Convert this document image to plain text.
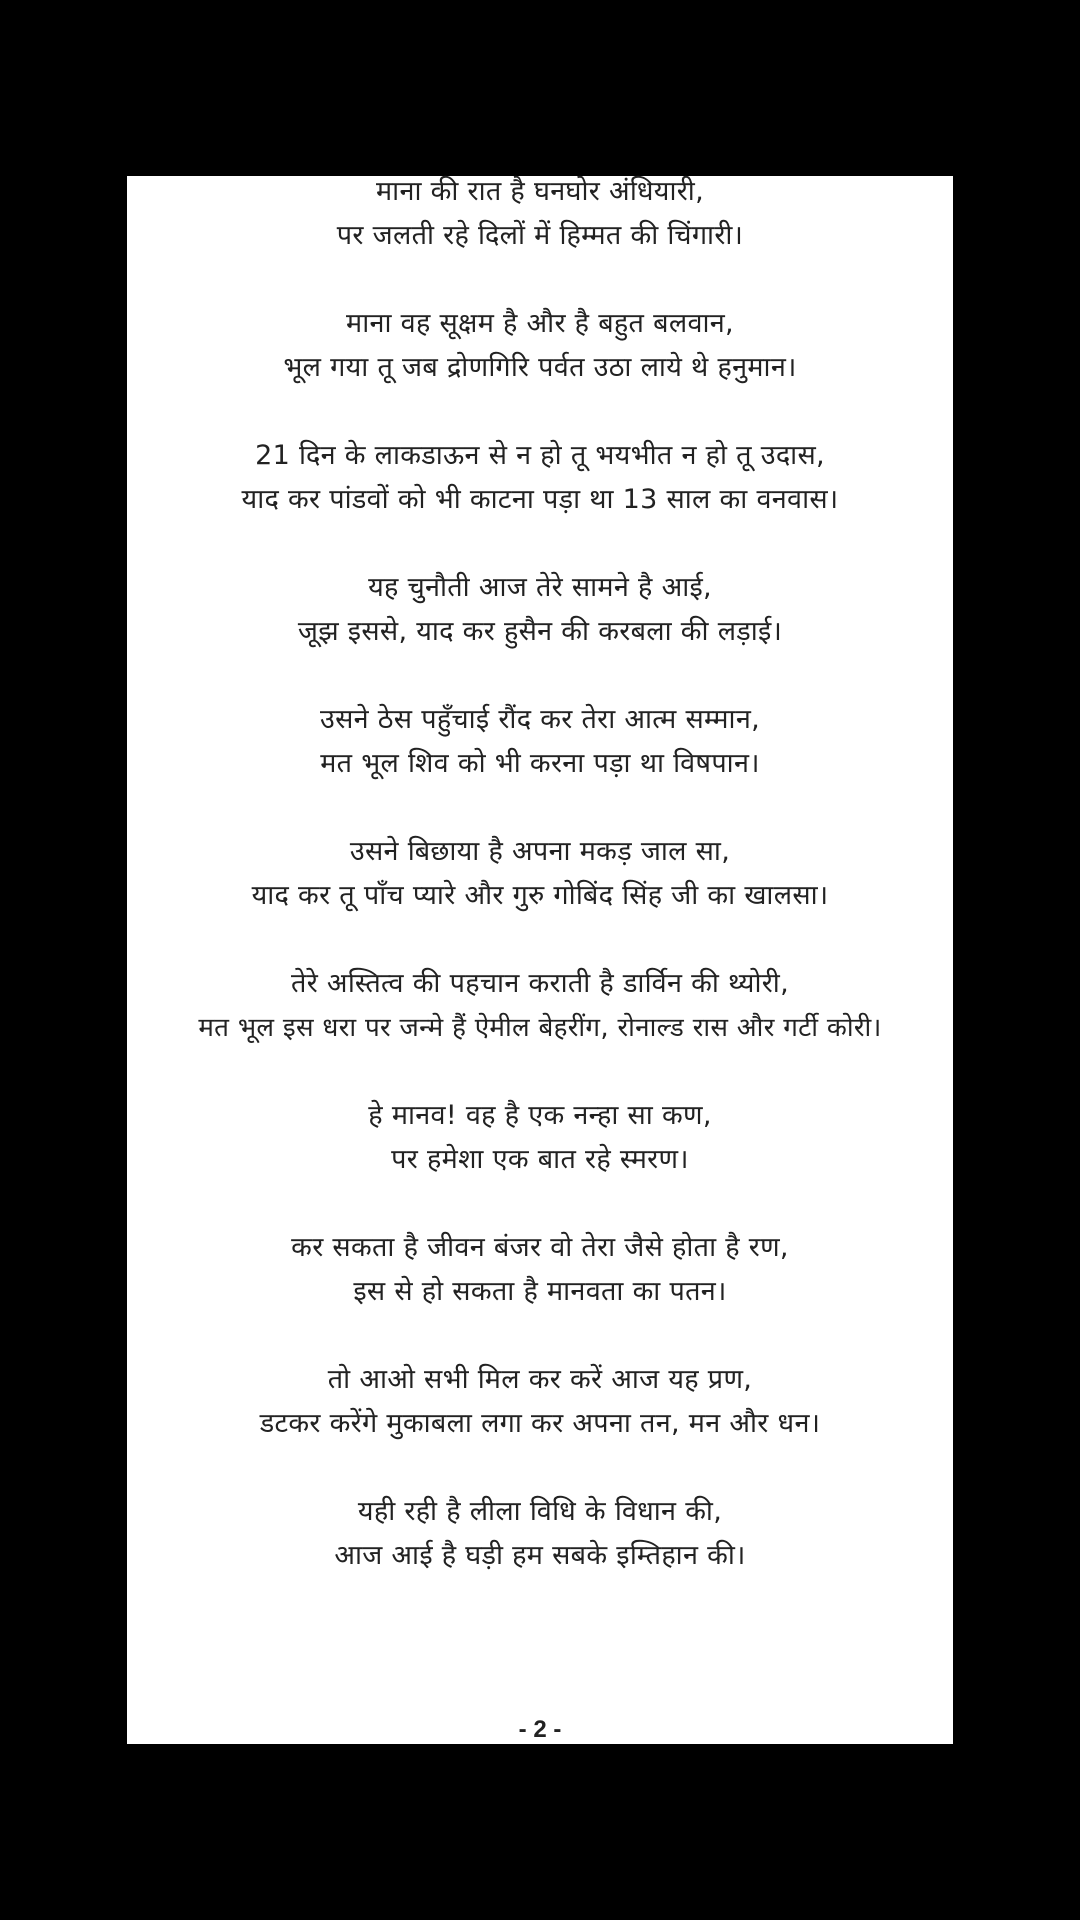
माना की रात है घनघोर अंधियारी,
पर जलती रहे दिलों में हिम्मत की चिंगारी।
माना वह सूक्षम है और है बहुत बलवान,
भूल गया तू जब द्रोणगिरि पर्वत उठा लाये थे हनुमान।
21 दिन के लाकडाऊन से न हो तू भयभीत न हो तू उदास,
याद कर पांडवों को भी काटना पड़ा था 13 साल का वनवास।
यह चुनौती आज तेरे सामने है आई,
जूझ इससे, याद कर हुसैन की करबला की लड़ाई।
उसने ठेस पहुँचाई रौंद कर तेरा आत्म सम्मान,
मत भूल शिव को भी करना पड़ा था विषपान।
उसने बिछाया है अपना मकड़ जाल सा,
याद कर तू पाँच प्यारे और गुरु गोबिंद सिंह जी का खालसा।
तेरे अस्तित्व की पहचान कराती है डार्विन की थ्योरी,
मत भूल इस धरा पर जन्मे हैं ऐमील बेहरींग, रोनाल्ड रास और गर्टी कोरी।
हे मानव! वह है एक नन्हा सा कण,
पर हमेशा एक बात रहे स्मरण।
कर सकता है जीवन बंजर वो तेरा जैसे होता है रण,
इस से हो सकता है मानवता का पतन।
तो आओ सभी मिल कर करें आज यह प्रण,
डटकर करेंगे मुकाबला लगा कर अपना तन, मन और धन।
यही रही है लीला विधि के विधान की,
आज आई है घड़ी हम सबके इम्तिहान की।
- 2 -
